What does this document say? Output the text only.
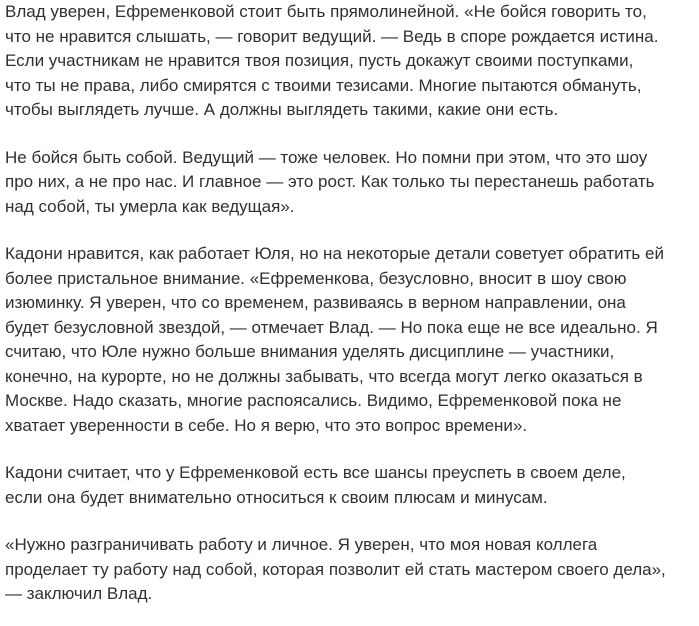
Влад уверен, Ефременковой стоит быть прямолинейной. «Не бойся говорить то,
что не нравится слышать, — говорит ведущий. — Ведь в споре рождается истина.
Если участникам не нравится твоя позиция, пусть докажут своими поступками,
что ты не права, либо смирятся с твоими тезисами. Многие пытаются обмануть,
чтобы выглядеть лучше. А должны выглядеть такими, какие они есть.

Не бойся быть собой. Ведущий — тоже человек. Но помни при этом, что это шоу
про них, а не про нас. И главное — это рост. Как только ты перестанешь работать
над собой, ты умерла как ведущая».

Кадони нравится, как работает Юля, но на некоторые детали советует обратить ей
более пристальное внимание. «Ефременкова, безусловно, вносит в шоу свою
изюминку. Я уверен, что со временем, развиваясь в верном направлении, она
будет безусловной звездой, — отмечает Влад. — Но пока еще не все идеально. Я
считаю, что Юле нужно больше внимания уделять дисциплине — участники,
конечно, на курорте, но не должны забывать, что всегда могут легко оказаться в
Москве. Надо сказать, многие распоясались. Видимо, Ефременковой пока не
хватает уверенности в себе. Но я верю, что это вопрос времени».

Кадони считает, что у Ефременковой есть все шансы преуспеть в своем деле,
если она будет внимательно относиться к своим плюсам и минусам.

«Нужно разграничивать работу и личное. Я уверен, что моя новая коллега
проделает ту работу над собой, которая позволит ей стать мастером своего дела»,
— заключил Влад.
